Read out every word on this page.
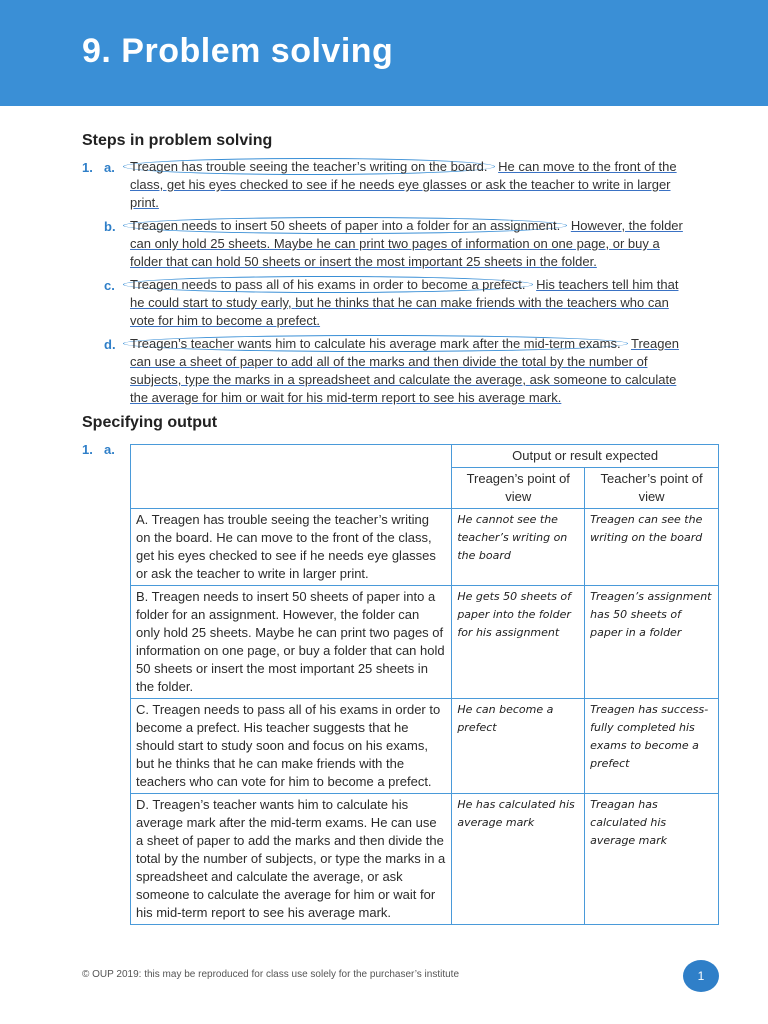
9. Problem solving
Steps in problem solving
1. a. Treagen has trouble seeing the teacher’s writing on the board. He can move to the front of the class, get his eyes checked to see if he needs eye glasses or ask the teacher to write in larger print.
b. Treagen needs to insert 50 sheets of paper into a folder for an assignment. However, the folder can only hold 25 sheets. Maybe he can print two pages of information on one page, or buy a folder that can hold 50 sheets or insert the most important 25 sheets in the folder.
c. Treagen needs to pass all of his exams in order to become a prefect. His teachers tell him that he could start to study early, but he thinks that he can make friends with the teachers who can vote for him to become a prefect.
d. Treagen’s teacher wants him to calculate his average mark after the mid-term exams. Treagen can use a sheet of paper to add all of the marks and then divide the total by the number of subjects, type the marks in a spreadsheet and calculate the average, ask someone to calculate the average for him or wait for his mid-term report to see his average mark.
Specifying output
1. a.
		Output or result expected	
	Treagen’s point of view	Teacher’s point of view
A. Treagen has trouble seeing the teacher’s writing on the board. He can move to the front of the class, get his eyes checked to see if he needs eye glasses or ask the teacher to write in larger print.	He cannot see the teacher’s writing on the board	Treagen can see the writing on the board
B. Treagen needs to insert 50 sheets of paper into a folder for an assignment. However, the folder can only hold 25 sheets. Maybe he can print two pages of information on one page, or buy a folder that can hold 50 sheets or insert the most important 25 sheets in the folder.	He gets 50 sheets of paper into the folder for his assignment	Treagen’s assignment has 50 sheets of paper in a folder
C. Treagen needs to pass all of his exams in order to become a prefect. His teacher suggests that he should start to study soon and focus on his exams, but he thinks that he can make friends with the teachers who can vote for him to become a prefect.	He can become a prefect	Treagen has success-fully completed his exams to become a prefect
D. Treagen’s teacher wants him to calculate his average mark after the mid-term exams. He can use a sheet of paper to add the marks and then divide the total by the number of subjects, or type the marks in a spreadsheet and calculate the average, or ask someone to calculate the average for him or wait for his mid-term report to see his average mark.	He has calculated his average mark	Treagan has calculated his average mark
© OUP 2019: this may be reproduced for class use solely for the purchaser’s institute	1
